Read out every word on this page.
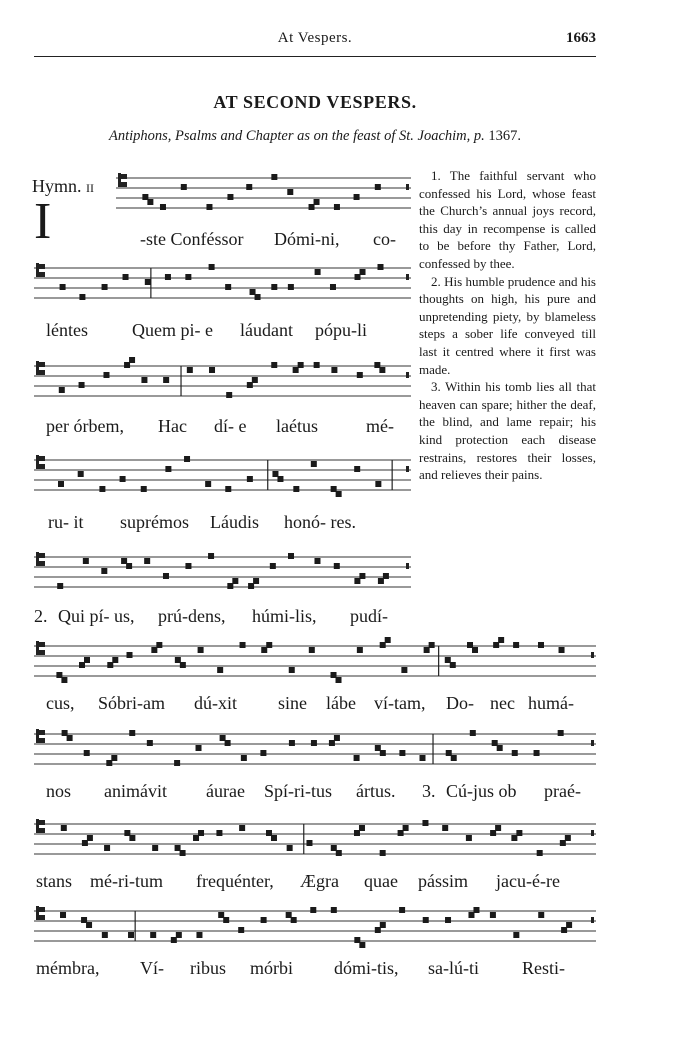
At Vespers.	1663
AT SECOND VESPERS.
Antiphons, Psalms and Chapter as on the feast of St. Joachim, p. 1367.
Hymn. II
I	-ste Conféssor Dómi-ni, co-
léntes Quem pi- e láudant pópu-li
per órbem, Hac dí- e laétus	mé-
ru- it suprémos Láudis honó- res.
2. Qui pí- us, prú-dens, húmi-lis, pudí-
cus, Sóbri-am dú-xit sine lábe ví-tam, Do- nec humá-
nos animávit áurae Spí-ri-tus ártus. 3. Cú-jus ob praé-
stans mé-ri-tum frequénter, Ægra quae pássim jacu-é-re
mémbra, Ví- ribus mórbi dómi-tis, sa-lú-ti Resti-

1. The faithful servant who confessed his Lord, whose feast the Church’s annual joys record, this day in recompense is called to be before thy Father, Lord, confessed by thee.

2. His humble prudence and his thoughts on high, his pure and unpretending piety, by blameless steps a sober life conveyed till last it centred where it first was made.

3. Within his tomb lies all that heaven can spare; hither the deaf, the blind, and lame repair; his kind protection each disease restrains, restores their losses, and relieves their pains.
